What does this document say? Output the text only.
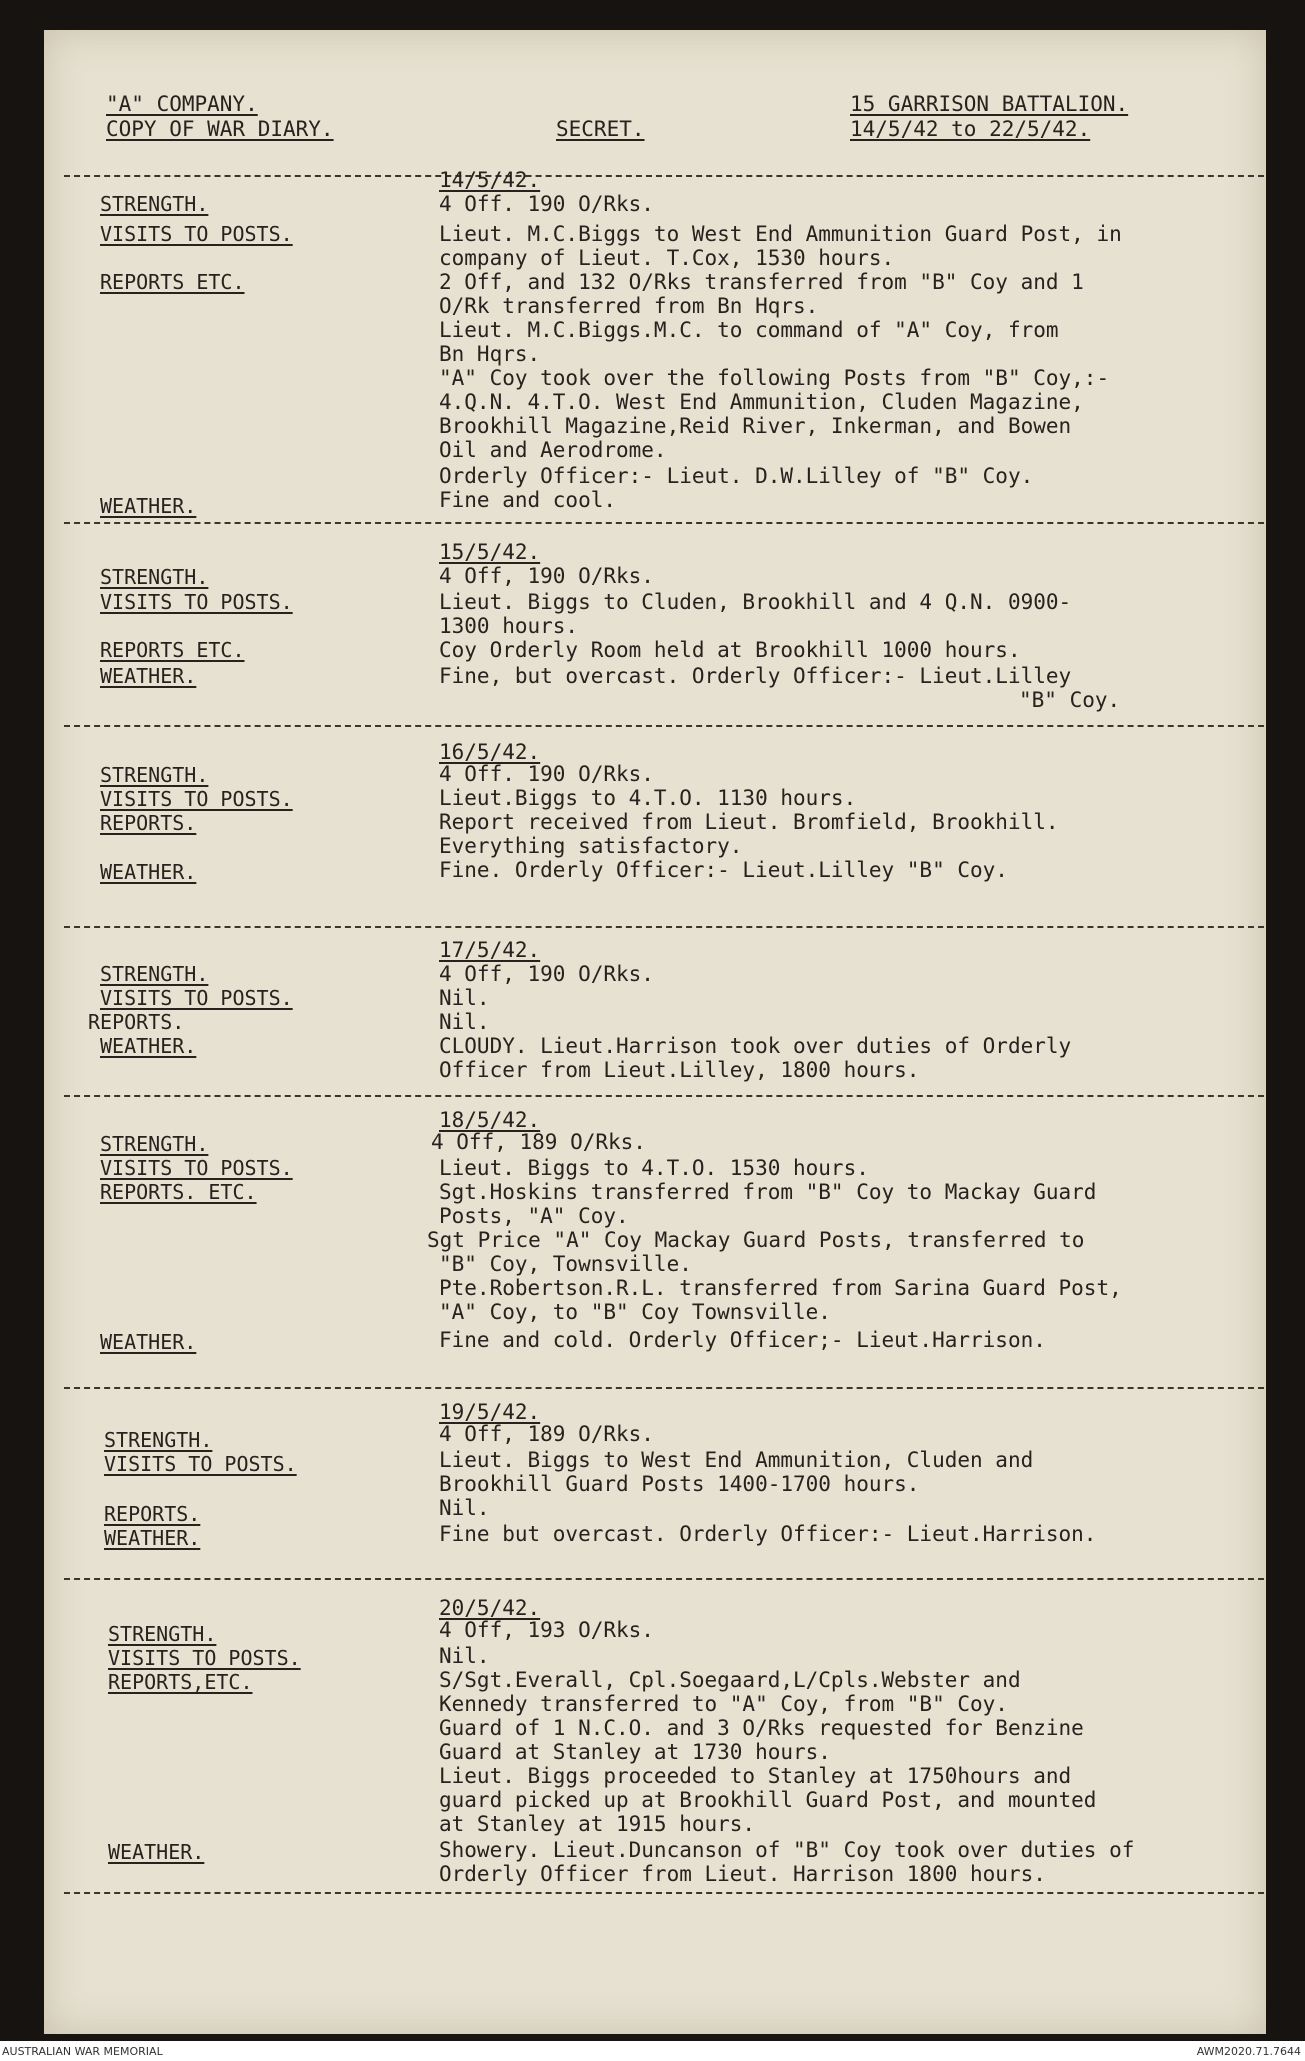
"A" COMPANY.
COPY OF WAR DIARY.	SECRET.
15 GARRISON BATTALION.
14/5/42 to 22/5/42.
STRENGTH.
VISITS TO POSTS.
REPORTS ETC.
WEATHER.
14/5/42.
4 Off. 190 O/Rks.
Lieut. M.C.Biggs to West End Ammunition Guard Post, in
company of Lieut. T.Cox, 1530 hours.
2 Off, and 132 O/Rks transferred from "B" Coy and 1
O/Rk transferred from Bn Hqrs.
Lieut. M.C.Biggs.M.C. to command of "A" Coy, from
Bn Hqrs.
"A" Coy took over the following Posts from "B" Coy,:-
4.Q.N. 4.T.O. West End Ammunition, Cluden Magazine,
Brookhill Magazine,Reid River, Inkerman, and Bowen
Oil and Aerodrome.
Orderly Officer:- Lieut. D.W.Lilley of "B" Coy.
Fine and cool.
STRENGTH.
VISITS TO POSTS.
REPORTS ETC.
WEATHER.
15/5/42.
4 Off, 190 O/Rks.
Lieut. Biggs to Cluden, Brookhill and 4 Q.N. 0900-
1300 hours.
Coy Orderly Room held at Brookhill 1000 hours.
Fine, but overcast. Orderly Officer:- Lieut.Lilley
"B" Coy.
STRENGTH.
VISITS TO POSTS.
REPORTS.
WEATHER.
16/5/42.
4 Off. 190 O/Rks.
Lieut.Biggs to 4.T.O. 1130 hours.
Report received from Lieut. Bromfield, Brookhill.
Everything satisfactory.
Fine. Orderly Officer:- Lieut.Lilley "B" Coy.
STRENGTH.
VISITS TO POSTS.
REPORTS.
WEATHER.
17/5/42.
4 Off, 190 O/Rks.
Nil.
Nil.
CLOUDY. Lieut.Harrison took over duties of Orderly
Officer from Lieut.Lilley, 1800 hours.
STRENGTH.
VISITS TO POSTS.
REPORTS. ETC.
WEATHER.
18/5/42.
4 Off, 189 O/Rks.
Lieut. Biggs to 4.T.O. 1530 hours.
Sgt.Hoskins transferred from "B" Coy to Mackay Guard
Posts, "A" Coy.
Sgt Price "A" Coy Mackay Guard Posts, transferred to
"B" Coy, Townsville.
Pte.Robertson.R.L. transferred from Sarina Guard Post,
"A" Coy, to "B" Coy Townsville.
Fine and cold. Orderly Officer;- Lieut.Harrison.
STRENGTH.
VISITS TO POSTS.
REPORTS.
WEATHER.
19/5/42.
4 Off, 189 O/Rks.
Lieut. Biggs to West End Ammunition, Cluden and
Brookhill Guard Posts 1400-1700 hours.
Nil.
Fine but overcast. Orderly Officer:- Lieut.Harrison.
STRENGTH.
VISITS TO POSTS.
REPORTS,ETC.
WEATHER.
20/5/42.
4 Off, 193 O/Rks.
Nil.
S/Sgt.Everall, Cpl.Soegaard,L/Cpls.Webster and
Kennedy transferred to "A" Coy, from "B" Coy.
Guard of 1 N.C.O. and 3 O/Rks requested for Benzine
Guard at Stanley at 1730 hours.
Lieut. Biggs proceeded to Stanley at 1750hours and
guard picked up at Brookhill Guard Post, and mounted
at Stanley at 1915 hours.
Showery. Lieut.Duncanson of "B" Coy took over duties of
Orderly Officer from Lieut. Harrison 1800 hours.
AUSTRALIAN WAR MEMORIAL	AWM2020.71.7644
